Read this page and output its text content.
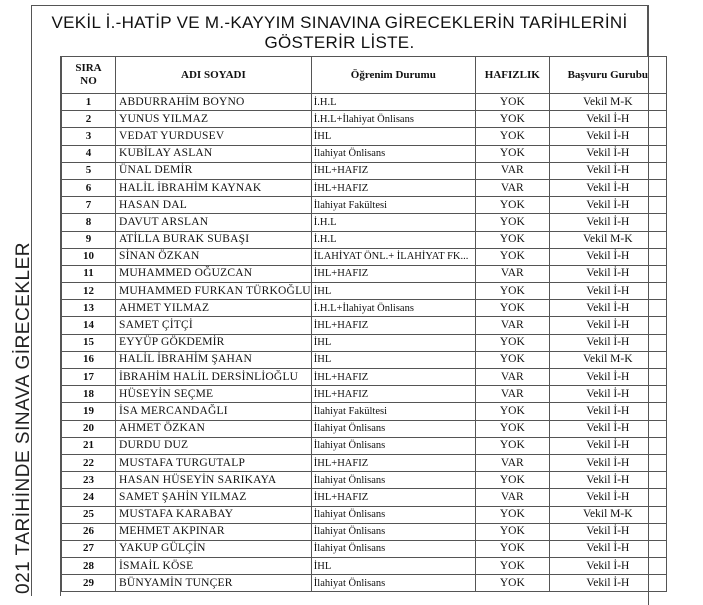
VEKİL İ.-HATİP VE M.-KAYYIM SINAVINA GİRECEKLERİN TARİHLERİNİ GÖSTERİR LİSTE.
021 TARİHİNDE SINAVA GİRECEKLER
SIRA NO	ADI SOYADI	Öğrenim Durumu	HAFIZLIK	Başvuru Gurubu
1	ABDURRAHİM BOYNO	İ.H.L	YOK	Vekil M-K
2	YUNUS YILMAZ	İ.H.L+İlahiyat Önlisans	YOK	Vekil İ-H
3	VEDAT YURDUSEV	İHL	YOK	Vekil İ-H
4	KUBİLAY ASLAN	İlahiyat Önlisans	YOK	Vekil İ-H
5	ÜNAL DEMİR	İHL+HAFIZ	VAR	Vekil İ-H
6	HALİL İBRAHİM KAYNAK	İHL+HAFIZ	VAR	Vekil İ-H
7	HASAN DAL	İlahiyat Fakültesi	YOK	Vekil İ-H
8	DAVUT ARSLAN	İ.H.L	YOK	Vekil İ-H
9	ATİLLA BURAK SUBAŞI	İ.H.L	YOK	Vekil M-K
10	SİNAN ÖZKAN	İLAHİYAT ÖNL.+ İLAHİYAT FK...	YOK	Vekil İ-H
11	MUHAMMED OĞUZCAN	İHL+HAFIZ	VAR	Vekil İ-H
12	MUHAMMED FURKAN TÜRKOĞLU	İHL	YOK	Vekil İ-H
13	AHMET YILMAZ	İ.H.L+İlahiyat Önlisans	YOK	Vekil İ-H
14	SAMET ÇİTÇİ	İHL+HAFIZ	VAR	Vekil İ-H
15	EYYÜP GÖKDEMİR	İHL	YOK	Vekil İ-H
16	HALİL İBRAHİM ŞAHAN	İHL	YOK	Vekil M-K
17	İBRAHİM HALİL DERSİNLİOĞLU	İHL+HAFIZ	VAR	Vekil İ-H
18	HÜSEYİN SEÇME	İHL+HAFIZ	VAR	Vekil İ-H
19	İSA MERCANDAĞLI	İlahiyat Fakültesi	YOK	Vekil İ-H
20	AHMET ÖZKAN	İlahiyat Önlisans	YOK	Vekil İ-H
21	DURDU DUZ	İlahiyat Önlisans	YOK	Vekil İ-H
22	MUSTAFA TURGUTALP	İHL+HAFIZ	VAR	Vekil İ-H
23	HASAN HÜSEYİN SARIKAYA	İlahiyat Önlisans	YOK	Vekil İ-H
24	SAMET ŞAHİN YILMAZ	İHL+HAFIZ	VAR	Vekil İ-H
25	MUSTAFA KARABAY	İlahiyat Önlisans	YOK	Vekil M-K
26	MEHMET AKPINAR	İlahiyat Önlisans	YOK	Vekil İ-H
27	YAKUP GÜLÇİN	İlahiyat Önlisans	YOK	Vekil İ-H
28	İSMAİL KÖSE	İHL	YOK	Vekil İ-H
29	BÜNYAMİN TUNÇER	İlahiyat Önlisans	YOK	Vekil İ-H
